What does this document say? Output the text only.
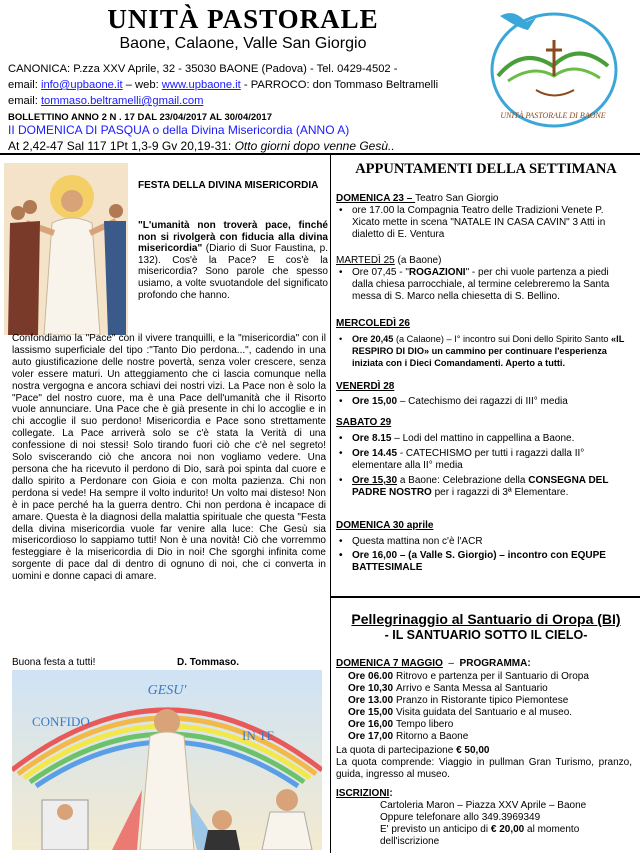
UNITÀ PASTORALE
Baone, Calaone, Valle San Giorgio
CANONICA: P.zza XXV Aprile, 32 - 35030 BAONE (Padova) - Tel. 0429-4502 -
email: info@upbaone.it – web: www.upbaone.it - PARROCO: don Tommaso Beltramelli
email: tommaso.beltramelli@gmail.com
BOLLETTINO ANNO 2 N . 17 DAL 23/04/2017 AL 30/04/2017
II DOMENICA DI PASQUA o della Divina Misericordia (ANNO A)
At 2,42-47 Sal 117 1Pt 1,3-9 Gv 20,19-31: Otto giorni dopo venne Gesù..
UNITÀ PASTORALE DI BAONE
FESTA DELLA DIVINA MISERICORDIA
"L'umanità non troverà pace, finché non si rivolgerà con fiducia alla divina misericordia" (Diario di Suor Faustina, p. 132). Cos'è la Pace? E cos'è la misericordia? Sono parole che spesso usiamo, a volte svuotandole del significato profondo che hanno.
Confondiamo la "Pace" con il vivere tranquilli, e la "misericordia" con il lassismo superficiale del tipo :"Tanto Dio perdona...", cadendo in una auto giustificazione delle nostre povertà, senza voler crescere, senza voler essere maturi. Un atteggiamento che ci lascia comunque nella nostra vergogna e ancora schiavi dei nostri vizi. La Pace non è solo la "Pace" del nostro cuore, ma è una Pace dell'umanità che il Risorto vuole annunciare. Una Pace che è già presente in chi lo accoglie e in chi accoglie il suo perdono! Misericordia e Pace sono strettamente collegate. La Pace arriverà solo se c'è stata la Verità di una confessione di noi stessi! Solo tirando fuori ciò che c'è nel segreto! Solo sviscerando ciò che ancora noi non vogliamo vedere. Una persona che ha ricevuto il perdono di Dio, sarà poi spinta dal cuore e dallo spirito a Perdonare con Gioia e con molta pazienza. Chi non perdona si vede! Ha sempre il volto indurito! Un volto mai disteso! Non è in pace perché ha la guerra dentro. Chi non perdona è incapace di amare. Questa è la diagnosi della malattia spirituale che questa "Festa della divina misericordia vuole far venire alla luce: Che Gesù sia misericordioso lo sappiamo tutti! Non è una novità! Ciò che vorremmo festeggiare è la misericordia di Dio in noi! Che sgorghi infinita come sorgente di pace dal di dentro di ognuno di noi, che ci converta in uomini e donne capaci di amare.
Buona festa a tutti!	D. Tommaso.
GESU'
CONFIDO
IN TE
APPUNTAMENTI DELLA SETTIMANA
DOMENICA 23 – Teatro San Giorgio
• ore 17.00 la Compagnia Teatro delle Tradizioni Venete P. Xicato mette in scena "NATALE IN CASA CAVIN" 3 Atti in dialetto di E. Ventura
MARTEDÌ 25 (a Baone)
• Ore 07,45 - "ROGAZIONI" - per chi vuole partenza a piedi dalla chiesa parrocchiale, al termine celebreremo la Santa messa di S. Marco nella chiesetta di S. Bellino.
MERCOLEDÌ 26
• Ore 20,45 (a Calaone) – I° incontro sui Doni dello Spirito Santo «IL RESPIRO DI DIO» un cammino per continuare l'esperienza iniziata con i Dieci Comandamenti. Aperto a tutti.
VENERDÌ 28
• Ore 15,00 – Catechismo dei ragazzi di III° media
SABATO 29
• Ore 8.15 – Lodi del mattino in cappellina a Baone.
• Ore 14.45 - CATECHISMO per tutti i ragazzi dalla II° elementare alla II° media
• Ore 15,30 a Baone: Celebrazione della CONSEGNA DEL PADRE NOSTRO per i ragazzi di 3ª Elementare.
DOMENICA 30 aprile
• Questa mattina non c'è l'ACR
• Ore 16,00 – (a Valle S. Giorgio) – incontro con EQUPE BATTESIMALE
Pellegrinaggio al Santuario di Oropa (BI)
- IL SANTUARIO SOTTO IL CIELO-
DOMENICA 7 MAGGIO  –  PROGRAMMA:
Ore 06.00 Ritrovo e partenza per il Santuario di Oropa
Ore 10,30 Arrivo e Santa Messa al Santuario
Ore 13.00 Pranzo in Ristorante tipico Piemontese
Ore 15,00 Visita guidata del Santuario e al museo.
Ore 16,00 Tempo libero
Ore 17,00 Ritorno a Baone
La quota di partecipazione € 50,00
La quota comprende: Viaggio in pullman Gran Turismo, pranzo, guida, ingresso al museo.
ISCRIZIONI:
Cartoleria Maron – Piazza XXV Aprile – Baone
Oppure telefonare allo 349.3969349
E' previsto un anticipo di € 20,00 al momento dell'iscrizione
